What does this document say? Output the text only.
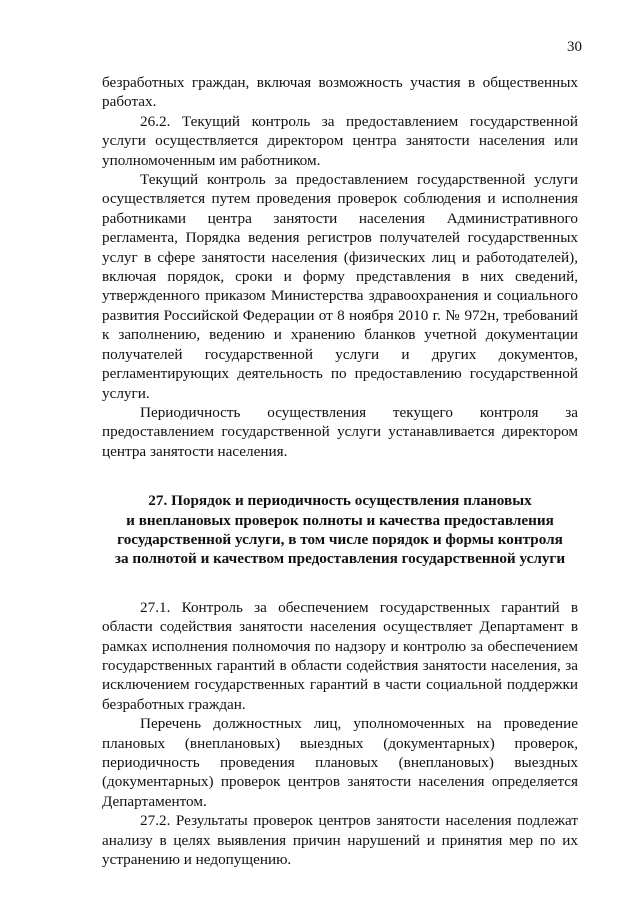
30

безработных граждан, включая возможность участия в общественных работах.

26.2. Текущий контроль за предоставлением государственной услуги осуществляется директором центра занятости населения или уполномоченным им работником.

Текущий контроль за предоставлением государственной услуги осуществляется путем проведения проверок соблюдения и исполнения работниками центра занятости населения Административного регламента, Порядка ведения регистров получателей государственных услуг в сфере занятости населения (физических лиц и работодателей), включая порядок, сроки и форму представления в них сведений, утвержденного приказом Министерства здравоохранения и социального развития Российской Федерации от 8 ноября 2010 г. № 972н, требований к заполнению, ведению и хранению бланков учетной документации получателей государственной услуги и других документов, регламентирующих деятельность по предоставлению государственной услуги.

Периодичность осуществления текущего контроля за предоставлением государственной услуги устанавливается директором центра занятости населения.

27. Порядок и периодичность осуществления плановых
и внеплановых проверок полноты и качества предоставления
государственной услуги, в том числе порядок и формы контроля
за полнотой и качеством предоставления государственной услуги

27.1. Контроль за обеспечением государственных гарантий в области содействия занятости населения осуществляет Департамент в рамках исполнения полномочия по надзору и контролю за обеспечением государственных гарантий в области содействия занятости населения, за исключением государственных гарантий в части социальной поддержки безработных граждан.

Перечень должностных лиц, уполномоченных на проведение плановых (внеплановых) выездных (документарных) проверок, периодичность проведения плановых (внеплановых) выездных (документарных) проверок центров занятости населения определяется Департаментом.

27.2. Результаты проверок центров занятости населения подлежат анализу в целях выявления причин нарушений и принятия мер по их устранению и недопущению.
